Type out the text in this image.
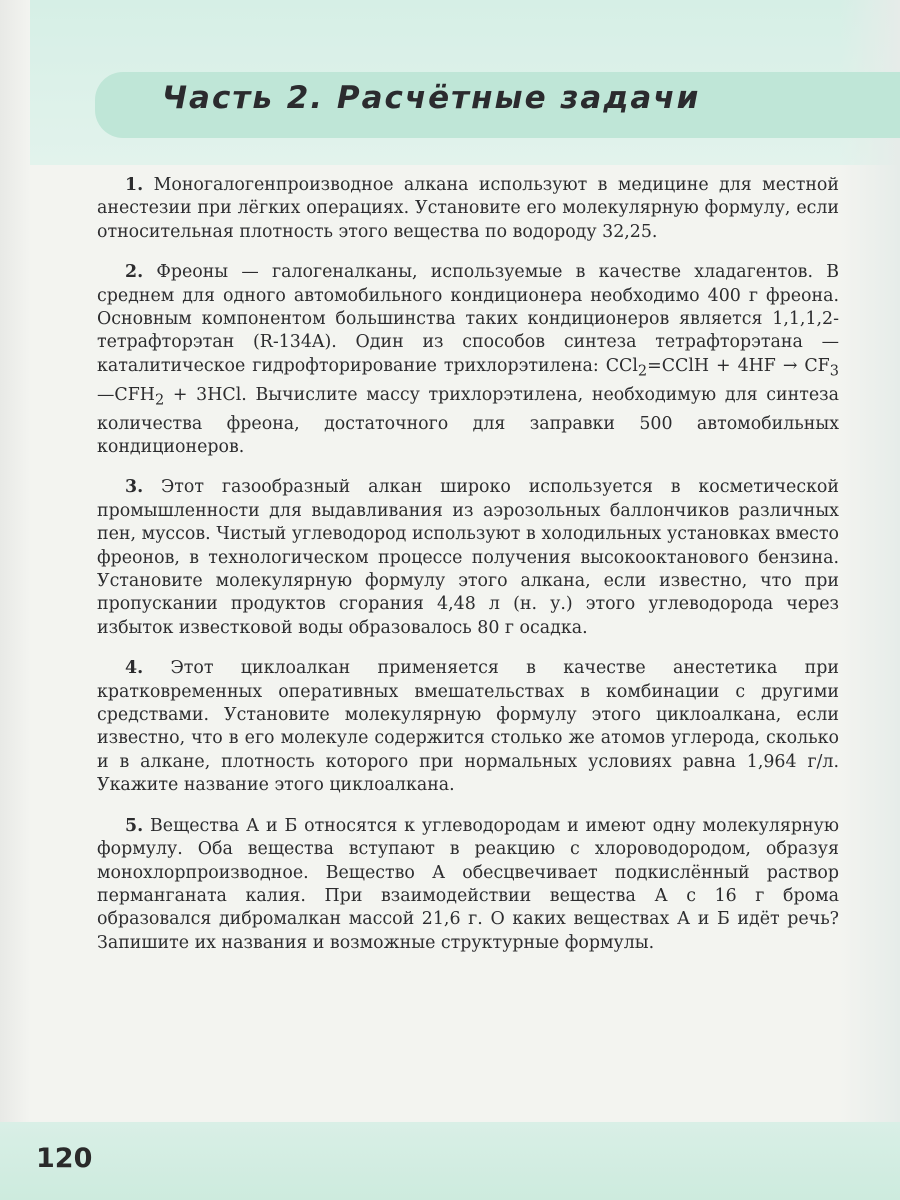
Часть 2. Расчётные задачи

1. Моногалогенпроизводное алкана используют в медицине для местной анестезии при лёгких операциях. Установите его молекулярную формулу, если относительная плотность этого вещества по водороду 32,25.

2. Фреоны — галогеналканы, используемые в качестве хладагентов. В среднем для одного автомобильного кондиционера необходимо 400 г фреона. Основным компонентом большинства таких кондиционеров является 1,1,1,2-тетрафторэтан (R-134A). Один из способов синтеза тетрафторэтана — каталитическое гидрофторирование трихлорэтилена: CCl$_2$=CClH + $4HF \to CF_3—CFH_2 + 3HCl$. Вычислите массу трихлорэтилена, необходимую для синтеза количества фреона, достаточного для заправки 500 автомобильных кондиционеров.

3. Этот газообразный алкан широко используется в косметической промышленности для выдавливания из аэрозольных баллончиков различных пен, муссов. Чистый углеводород используют в холодильных установках вместо фреонов, в технологическом процессе получения высокооктанового бензина. Установите молекулярную формулу этого алкана, если известно, что при пропускании продуктов сгорания 4,48 л (н. у.) этого углеводорода через избыток известковой воды образовалось 80 г осадка.

4. Этот циклоалкан применяется в качестве анестетика при кратковременных оперативных вмешательствах в комбинации с другими средствами. Установите молекулярную формулу этого циклоалкана, если известно, что в его молекуле содержится столько же атомов углерода, сколько и в алкане, плотность которого при нормальных условиях равна 1,964 г/л. Укажите название этого циклоалкана.

5. Вещества А и Б относятся к углеводородам и имеют одну молекулярную формулу. Оба вещества вступают в реакцию с хлороводородом, образуя монохлорпроизводное. Вещество А обесцвечивает подкислённый раствор перманганата калия. При взаимодействии вещества А с 16 г брома образовался дибромалкан массой 21,6 г. О каких веществах А и Б идёт речь? Запишите их названия и возможные структурные формулы.

120
